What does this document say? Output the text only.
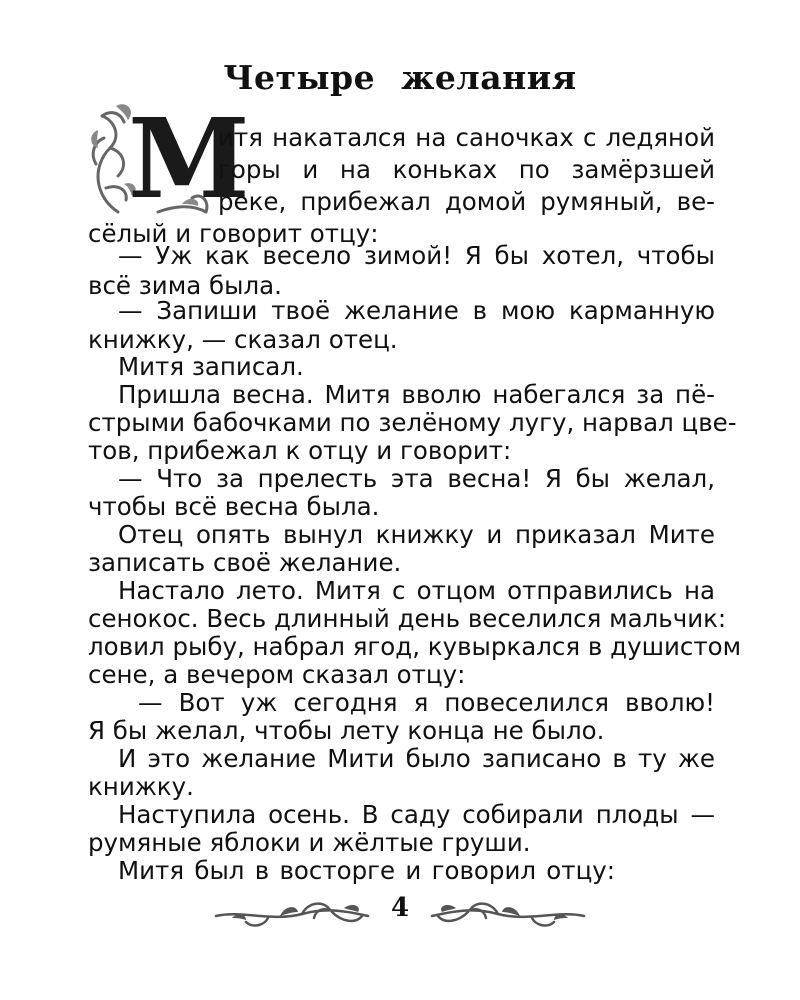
Четыре желания
М
итя накатался на саночках с ледяной
горы и на коньках по замёрзшей
реке, прибежал домой румяный, ве-
сёлый и говорит отцу:
— Уж как весело зимой! Я бы хотел, чтобы
всё зима была.
— Запиши твоё желание в мою карманную
книжку, — сказал отец.
Митя записал.
Пришла весна. Митя вволю набегался за пё-
стрыми бабочками по зелёному лугу, нарвал цве-
тов, прибежал к отцу и говорит:
— Что за прелесть эта весна! Я бы желал,
чтобы всё весна была.
Отец опять вынул книжку и приказал Мите
записать своё желание.
Настало лето. Митя с отцом отправились на
сенокос. Весь длинный день веселился мальчик:
ловил рыбу, набрал ягод, кувыркался в душистом
сене, а вечером сказал отцу:
— Вот уж сегодня я повеселился вволю!
Я бы желал, чтобы лету конца не было.
И это желание Мити было записано в ту же
книжку.
Наступила осень. В саду собирали плоды —
румяные яблоки и жёлтые груши.
Митя был в восторге и говорил отцу:
4
